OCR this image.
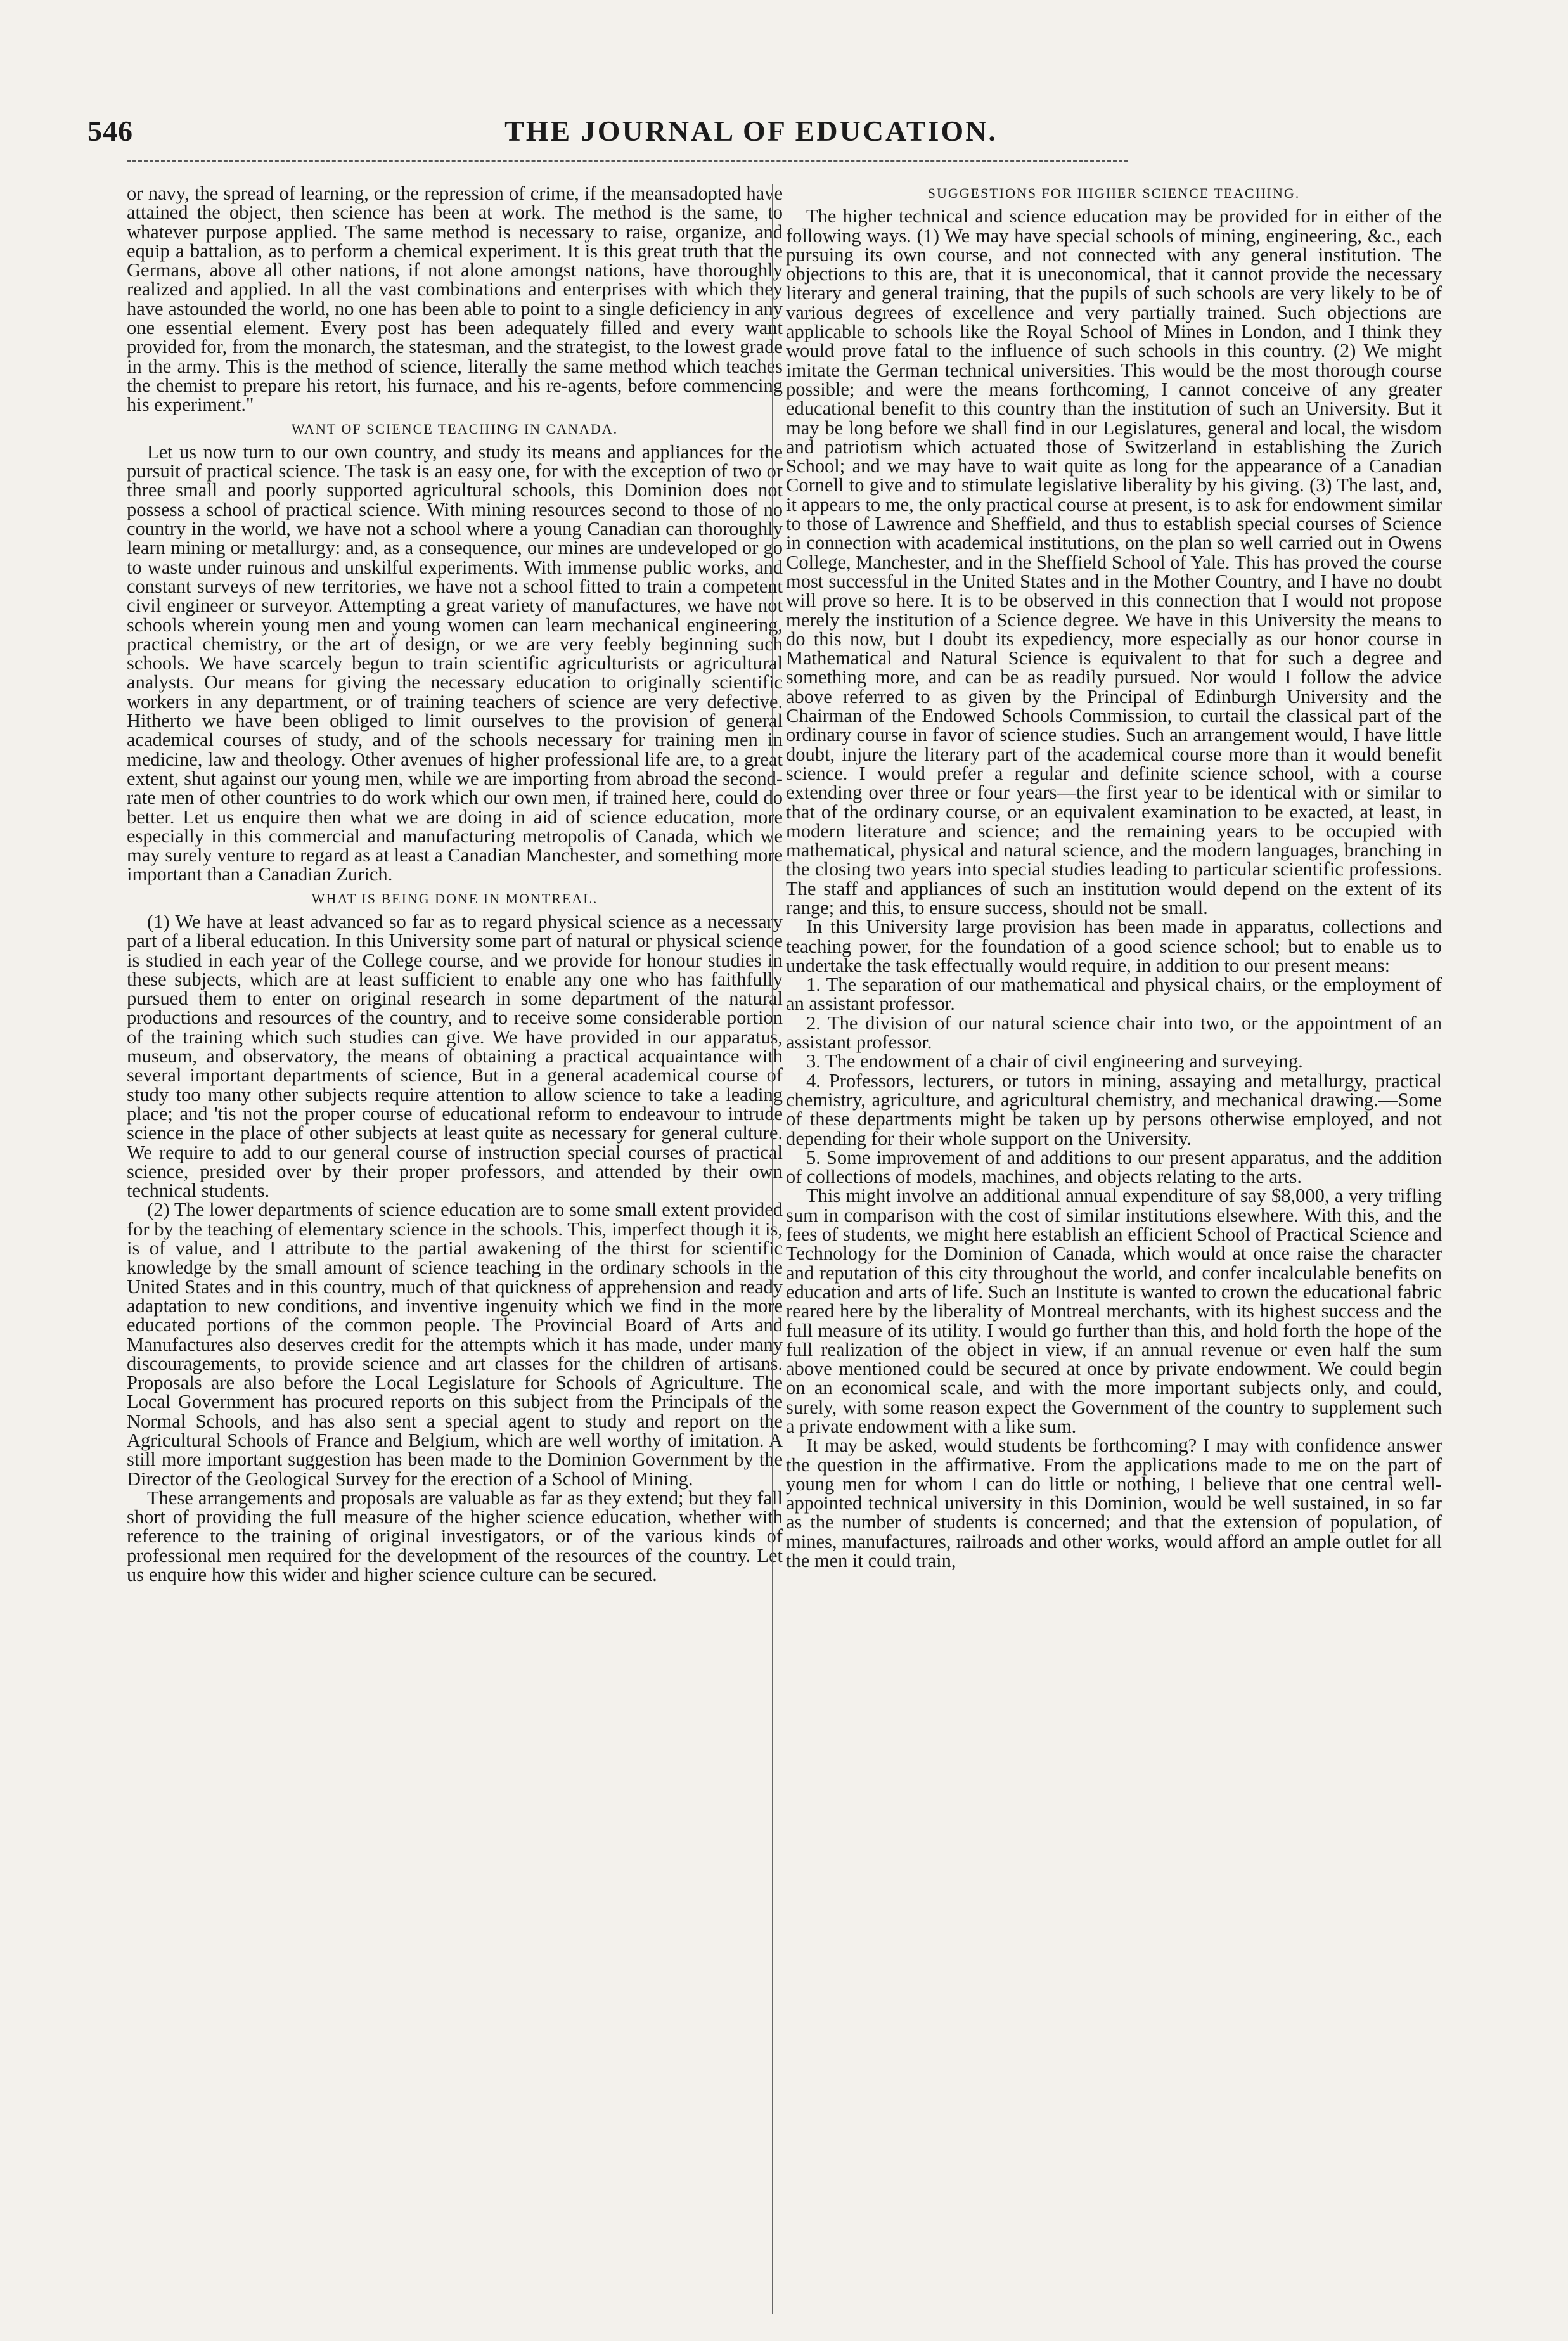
546	THE JOURNAL OF EDUCATION.

or navy, the spread of learning, or the repression of crime, if the meansadopted have attained the object, then science has been at work. The method is the same, to whatever purpose applied. The same method is necessary to raise, organize, and equip a battalion, as to perform a chemical experiment. It is this great truth that the Germans, above all other nations, if not alone amongst nations, have thoroughly realized and applied. In all the vast combinations and enterprises with which they have astounded the world, no one has been able to point to a single deficiency in any one essential element. Every post has been adequately filled and every want provided for, from the monarch, the statesman, and the strategist, to the lowest grade in the army. This is the method of science, literally the same method which teaches the chemist to prepare his retort, his furnace, and his re-agents, before commencing his experiment."

WANT OF SCIENCE TEACHING IN CANADA.

Let us now turn to our own country, and study its means and appliances for the pursuit of practical science. The task is an easy one, for with the exception of two or three small and poorly supported agricultural schools, this Dominion does not possess a school of practical science. With mining resources second to those of no country in the world, we have not a school where a young Canadian can thoroughly learn mining or metallurgy: and, as a consequence, our mines are undeveloped or go to waste under ruinous and unskilful experiments. With immense public works, and constant surveys of new territories, we have not a school fitted to train a competent civil engineer or surveyor. Attempting a great variety of manufactures, we have not schools wherein young men and young women can learn mechanical engineering, practical chemistry, or the art of design, or we are very feebly beginning such schools. We have scarcely begun to train scientific agriculturists or agricultural analysts. Our means for giving the necessary education to originally scientific workers in any department, or of training teachers of science are very defective. Hitherto we have been obliged to limit ourselves to the provision of general academical courses of study, and of the schools necessary for training men in medicine, law and theology. Other avenues of higher professional life are, to a great extent, shut against our young men, while we are importing from abroad the second-rate men of other countries to do work which our own men, if trained here, could do better. Let us enquire then what we are doing in aid of science education, more especially in this commercial and manufacturing metropolis of Canada, which we may surely venture to regard as at least a Canadian Manchester, and something more important than a Canadian Zurich.

WHAT IS BEING DONE IN MONTREAL.

(1) We have at least advanced so far as to regard physical science as a necessary part of a liberal education. In this University some part of natural or physical science is studied in each year of the College course, and we provide for honour studies in these subjects, which are at least sufficient to enable any one who has faithfully pursued them to enter on original research in some department of the natural productions and resources of the country, and to receive some considerable portion of the training which such studies can give. We have provided in our apparatus, museum, and observatory, the means of obtaining a practical acquaintance with several important departments of science, But in a general academical course of study too many other subjects require attention to allow science to take a leading place; and 'tis not the proper course of educational reform to endeavour to intrude science in the place of other subjects at least quite as necessary for general culture. We require to add to our general course of instruction special courses of practical science, presided over by their proper professors, and attended by their own technical students.

(2) The lower departments of science education are to some small extent provided for by the teaching of elementary science in the schools. This, imperfect though it is, is of value, and I attribute to the partial awakening of the thirst for scientific knowledge by the small amount of science teaching in the ordinary schools in the United States and in this country, much of that quickness of apprehension and ready adaptation to new conditions, and inventive ingenuity which we find in the more educated portions of the common people. The Provincial Board of Arts and Manufactures also deserves credit for the attempts which it has made, under many discouragements, to provide science and art classes for the children of artisans. Proposals are also before the Local Legislature for Schools of Agriculture. The Local Government has procured reports on this subject from the Principals of the Normal Schools, and has also sent a special agent to study and report on the Agricultural Schools of France and Belgium, which are well worthy of imitation. A still more important suggestion has been made to the Dominion Government by the Director of the Geological Survey for the erection of a School of Mining.

These arrangements and proposals are valuable as far as they extend; but they fall short of providing the full measure of the higher science education, whether with reference to the training of original investigators, or of the various kinds of professional men required for the development of the resources of the country. Let us enquire how this wider and higher science culture can be secured.

SUGGESTIONS FOR HIGHER SCIENCE TEACHING.

The higher technical and science education may be provided for in either of the following ways. (1) We may have special schools of mining, engineering, &c., each pursuing its own course, and not connected with any general institution. The objections to this are, that it is uneconomical, that it cannot provide the necessary literary and general training, that the pupils of such schools are very likely to be of various degrees of excellence and very partially trained. Such objections are applicable to schools like the Royal School of Mines in London, and I think they would prove fatal to the influence of such schools in this country. (2) We might imitate the German technical universities. This would be the most thorough course possible; and were the means forthcoming, I cannot conceive of any greater educational benefit to this country than the institution of such an University. But it may be long before we shall find in our Legislatures, general and local, the wisdom and patriotism which actuated those of Switzerland in establishing the Zurich School; and we may have to wait quite as long for the appearance of a Canadian Cornell to give and to stimulate legislative liberality by his giving. (3) The last, and, it appears to me, the only practical course at present, is to ask for endowment similar to those of Lawrence and Sheffield, and thus to establish special courses of Science in connection with academical institutions, on the plan so well carried out in Owens College, Manchester, and in the Sheffield School of Yale. This has proved the course most successful in the United States and in the Mother Country, and I have no doubt will prove so here. It is to be observed in this connection that I would not propose merely the institution of a Science degree. We have in this University the means to do this now, but I doubt its expediency, more especially as our honor course in Mathematical and Natural Science is equivalent to that for such a degree and something more, and can be as readily pursued. Nor would I follow the advice above referred to as given by the Principal of Edinburgh University and the Chairman of the Endowed Schools Commission, to curtail the classical part of the ordinary course in favor of science studies. Such an arrangement would, I have little doubt, injure the literary part of the academical course more than it would benefit science. I would prefer a regular and definite science school, with a course extending over three or four years—the first year to be identical with or similar to that of the ordinary course, or an equivalent examination to be exacted, at least, in modern literature and science; and the remaining years to be occupied with mathematical, physical and natural science, and the modern languages, branching in the closing two years into special studies leading to particular scientific professions. The staff and appliances of such an institution would depend on the extent of its range; and this, to ensure success, should not be small.

In this University large provision has been made in apparatus, collections and teaching power, for the foundation of a good science school; but to enable us to undertake the task effectually would require, in addition to our present means:

1. The separation of our mathematical and physical chairs, or the employment of an assistant professor.

2. The division of our natural science chair into two, or the appointment of an assistant professor.

3. The endowment of a chair of civil engineering and surveying.

4. Professors, lecturers, or tutors in mining, assaying and metallurgy, practical chemistry, agriculture, and agricultural chemistry, and mechanical drawing.—Some of these departments might be taken up by persons otherwise employed, and not depending for their whole support on the University.

5. Some improvement of and additions to our present apparatus, and the addition of collections of models, machines, and objects relating to the arts.

This might involve an additional annual expenditure of say $8,000, a very trifling sum in comparison with the cost of similar institutions elsewhere. With this, and the fees of students, we might here establish an efficient School of Practical Science and Technology for the Dominion of Canada, which would at once raise the character and reputation of this city throughout the world, and confer incalculable benefits on education and arts of life. Such an Institute is wanted to crown the educational fabric reared here by the liberality of Montreal merchants, with its highest success and the full measure of its utility. I would go further than this, and hold forth the hope of the full realization of the object in view, if an annual revenue or even half the sum above mentioned could be secured at once by private endowment. We could begin on an economical scale, and with the more important subjects only, and could, surely, with some reason expect the Government of the country to supplement such a private endowment with a like sum.

It may be asked, would students be forthcoming? I may with confidence answer the question in the affirmative. From the applications made to me on the part of young men for whom I can do little or nothing, I believe that one central well-appointed technical university in this Dominion, would be well sustained, in so far as the number of students is concerned; and that the extension of population, of mines, manufactures, railroads and other works, would afford an ample outlet for all the men it could train,
